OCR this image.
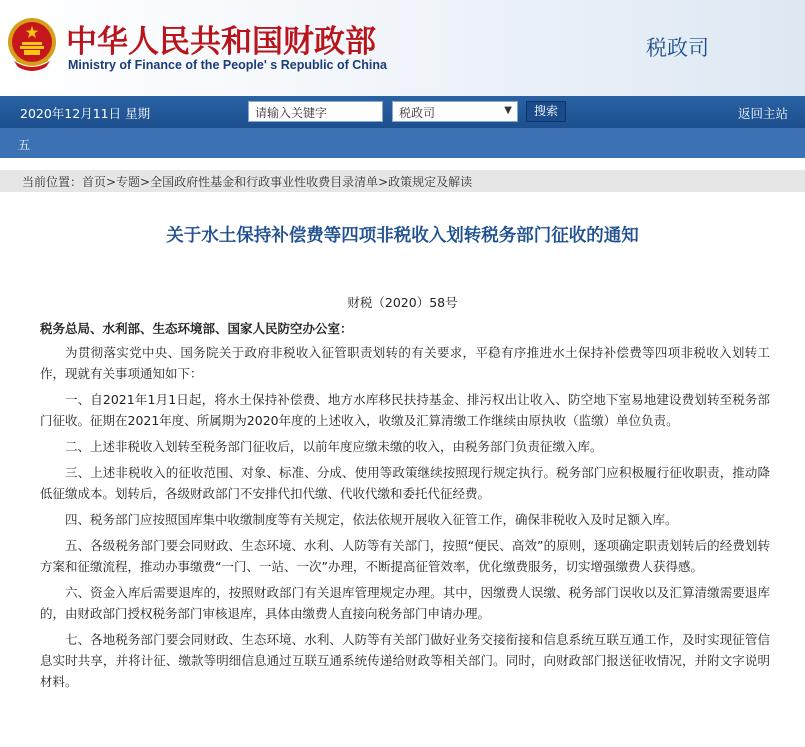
中华人民共和国财政部
Ministry of Finance of the People' s Republic of China
税政司
2020年12月11日 星期	请输入关键字	税政司	▼	搜索	返回主站
五
当前位置：首页>专题>全国政府性基金和行政事业性收费目录清单>政策规定及解读
关于水土保持补偿费等四项非税收入划转税务部门征收的通知
财税（2020）58号

税务总局、水利部、生态环境部、国家人民防空办公室：

为贯彻落实党中央、国务院关于政府非税收入征管职责划转的有关要求，平稳有序推进水土保持补偿费等四项非税收入划转工作，现就有关事项通知如下：

一、自2021年1月1日起，将水土保持补偿费、地方水库移民扶持基金、排污权出让收入、防空地下室易地建设费划转至税务部门征收。征期在2021年度、所属期为2020年度的上述收入，收缴及汇算清缴工作继续由原执收（监缴）单位负责。

二、上述非税收入划转至税务部门征收后，以前年度应缴未缴的收入，由税务部门负责征缴入库。

三、上述非税收入的征收范围、对象、标准、分成、使用等政策继续按照现行规定执行。税务部门应积极履行征收职责，推动降低征缴成本。划转后，各级财政部门不安排代扣代缴、代收代缴和委托代征经费。

四、税务部门应按照国库集中收缴制度等有关规定，依法依规开展收入征管工作，确保非税收入及时足额入库。

五、各级税务部门要会同财政、生态环境、水利、人防等有关部门，按照“便民、高效”的原则，逐项确定职责划转后的经费划转方案和征缴流程，推动办事缴费“一门、一站、一次”办理，不断提高征管效率，优化缴费服务，切实增强缴费人获得感。

六、资金入库后需要退库的，按照财政部门有关退库管理规定办理。其中，因缴费人误缴、税务部门误收以及汇算清缴需要退库的，由财政部门授权税务部门审核退库，具体由缴费人直接向税务部门申请办理。

七、各地税务部门要会同财政、生态环境、水利、人防等有关部门做好业务交接衔接和信息系统互联互通工作，及时实现征管信息实时共享，并将计征、缴款等明细信息通过互联互通系统传递给财政等相关部门。同时，向财政部门报送征收情况，并附文字说明材料。
